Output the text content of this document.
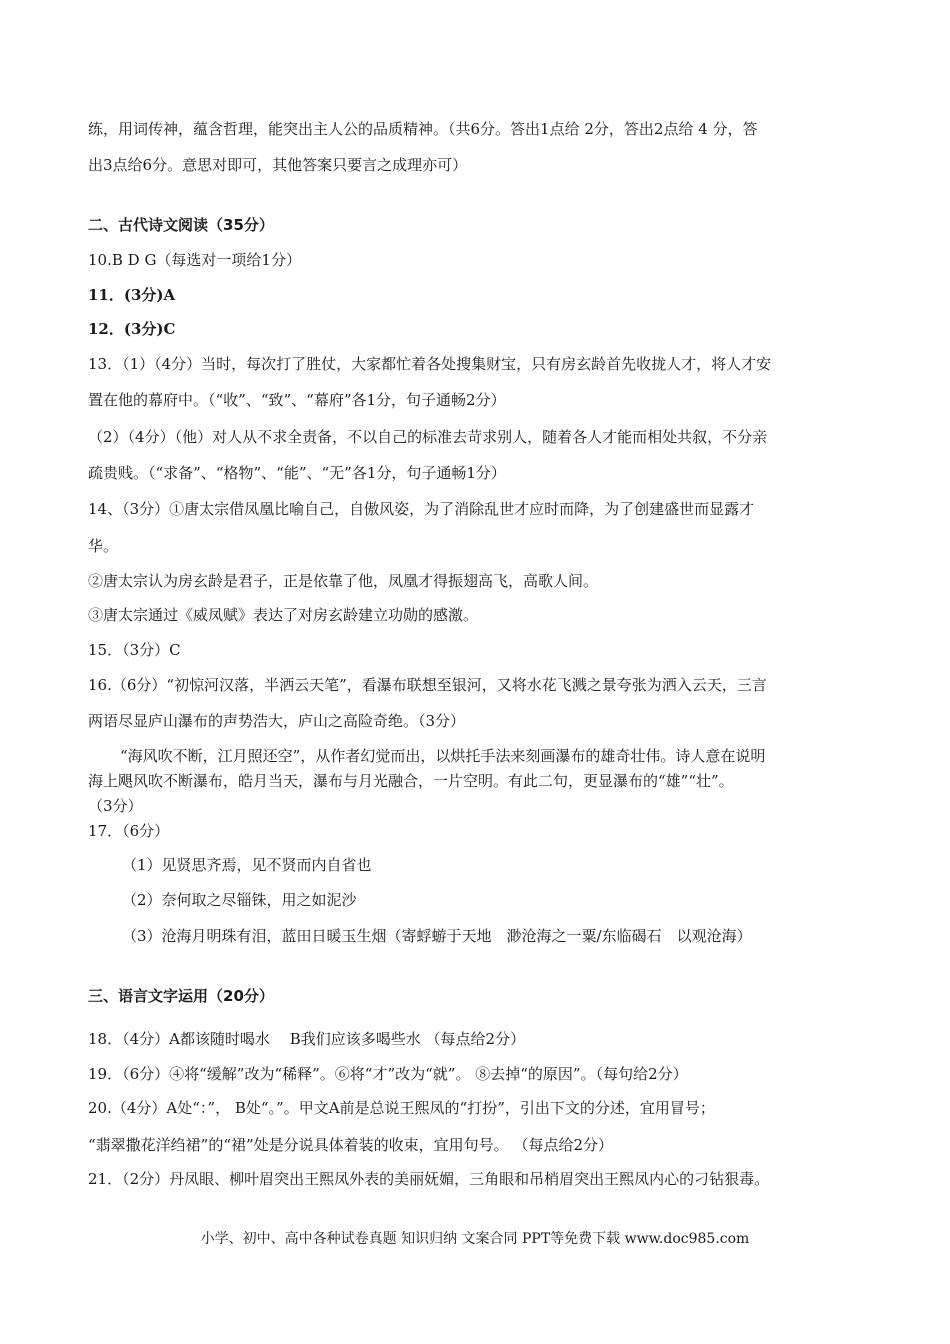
练，用词传神，蕴含哲理，能突出主人公的品质精神。（共6分。答出1点给 2分，答出2点给 4 分，答
出3点给6分。意思对即可，其他答案只要言之成理亦可）
二、古代诗文阅读（35分）
10.B D G（每选对一项给1分）
11．(3分)A
12．(3分)C
13．（1）（4分）当时，每次打了胜仗，大家都忙着各处搜集财宝，只有房玄龄首先收拢人才，将人才安
置在他的幕府中。（“收”、“致”、“幕府”各1分，句子通畅2分）
（2）（4分）（他）对人从不求全责备，不以自己的标准去苛求别人，随着各人才能而相处共叙，不分亲
疏贵贱。（“求备”、“格物”、“能”、“无”各1分，句子通畅1分）
14、（3分）①唐太宗借凤凰比喻自己，自傲风姿，为了消除乱世才应时而降，为了创建盛世而显露才
华。
②唐太宗认为房玄龄是君子，正是依靠了他，凤凰才得振翅高飞，高歌人间。
③唐太宗通过《威凤赋》表达了对房玄龄建立功勋的感激。
15．（3分）C
16.（6分）“初惊河汉落，半洒云天笔”，看瀑布联想至银河，又将水花飞溅之景夸张为洒入云天，三言
两语尽显庐山瀑布的声势浩大，庐山之高险奇绝。（3分）
“海风吹不断，江月照还空”，从作者幻觉而出，以烘托手法来刻画瀑布的雄奇壮伟。诗人意在说明
海上飓风吹不断瀑布，皓月当天，瀑布与月光融合，一片空明。有此二句，更显瀑布的“雄”“壮”。
（3分）
17．（6分）
（1）见贤思齐焉，见不贤而内自省也
（2）奈何取之尽锱铢，用之如泥沙
（3）沧海月明珠有泪，蓝田日暖玉生烟（寄蜉蝣于天地　渺沧海之一粟/东临碣石　以观沧海）
三、语言文字运用（20分）
18．（4分）A都该随时喝水　 B我们应该多喝些水 （每点给2分）
19．（6分）④将“缓解”改为“稀释”。⑥将“才”改为“就”。 ⑧去掉“的原因”。（每句给2分）
20.（4分）A处“：”， B处“。”。甲文A前是总说王熙凤的“打扮”，引出下文的分述，宜用冒号；
“翡翠撒花洋绉裙”的“裙”处是分说具体着装的收束，宜用句号。 （每点给2分）
21．（2分）丹凤眼、柳叶眉突出王熙凤外表的美丽妩媚，三角眼和吊梢眉突出王熙凤内心的刁钻狠毒。
小学、初中、高中各种试卷真题 知识归纳 文案合同 PPT等免费下载 www.doc985.com
